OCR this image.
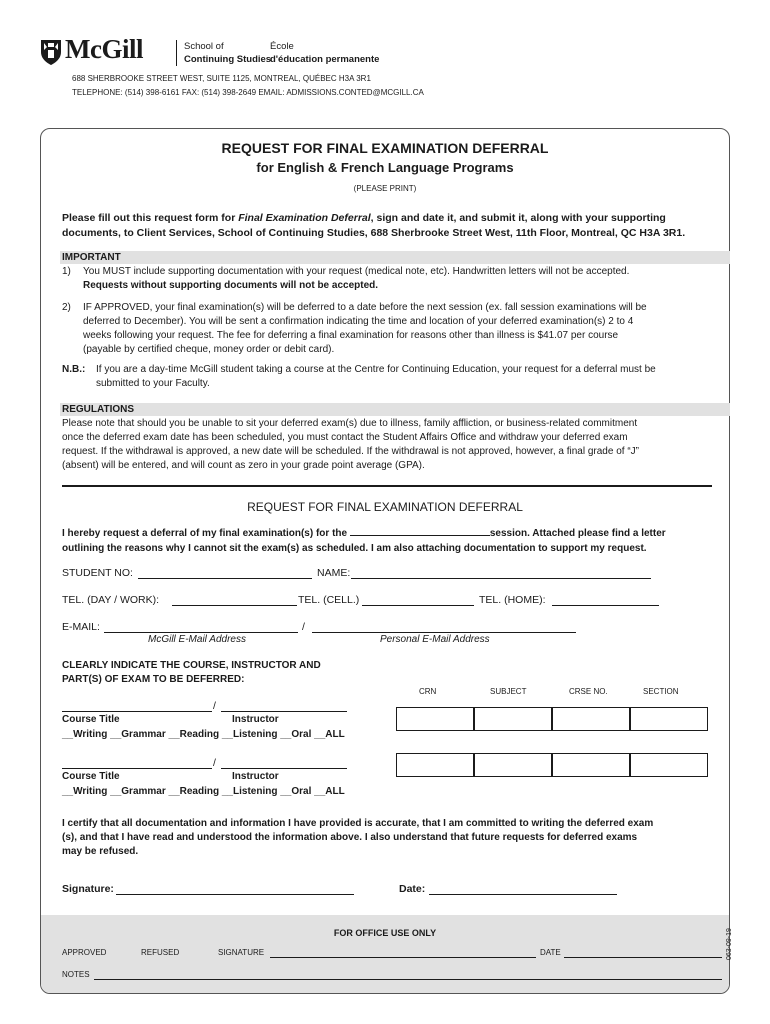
McGill	School of
Continuing Studies
École
d'éducation permanente
688 SHERBROOKE STREET WEST, SUITE 1125, MONTREAL, QUÉBEC H3A 3R1
TELEPHONE: (514) 398-6161 FAX: (514) 398-2649 EMAIL: ADMISSIONS.CONTED@MCGILL.CA
REQUEST FOR FINAL EXAMINATION DEFERRAL
for English & French Language Programs
(PLEASE PRINT)
Please fill out this request form for Final Examination Deferral, sign and date it, and submit it, along with your supporting
documents, to Client Services, School of Continuing Studies, 688 Sherbrooke Street West, 11th Floor, Montreal, QC H3A 3R1.
IMPORTANT
1) You MUST include supporting documentation with your request (medical note, etc). Handwritten letters will not be accepted.
Requests without supporting documents will not be accepted.
2) IF APPROVED, your final examination(s) will be deferred to a date before the next session (ex. fall session examinations will be
deferred to December). You will be sent a confirmation indicating the time and location of your deferred examination(s) 2 to 4
weeks following your request. The fee for deferring a final examination for reasons other than illness is $41.07 per course
(payable by certified cheque, money order or debit card).
N.B.: If you are a day-time McGill student taking a course at the Centre for Continuing Education, your request for a deferral must be
submitted to your Faculty.
REGULATIONS
Please note that should you be unable to sit your deferred exam(s) due to illness, family affliction, or business-related commitment
once the deferred exam date has been scheduled, you must contact the Student Affairs Office and withdraw your deferred exam
request. If the withdrawal is approved, a new date will be scheduled. If the withdrawal is not approved, however, a final grade of “J”
(absent) will be entered, and will count as zero in your grade point average (GPA).
REQUEST FOR FINAL EXAMINATION DEFERRAL
I hereby request a deferral of my final examination(s) for the	session. Attached please find a letter
outlining the reasons why I cannot sit the exam(s) as scheduled. I am also attaching documentation to support my request.
STUDENT NO:	NAME:
TEL. (DAY / WORK):	TEL. (CELL.)	TEL. (HOME):
E-MAIL:	/
McGill E-Mail Address	Personal E-Mail Address
CLEARLY INDICATE THE COURSE, INSTRUCTOR AND
PART(S) OF EXAM TO BE DEFERRED:
CRN	SUBJECT	CRSE NO.	SECTION
/
Course Title	Instructor
__Writing __Grammar __Reading __Listening __Oral __ALL
/
Course Title	Instructor
__Writing __Grammar __Reading __Listening __Oral __ALL
I certify that all documentation and information I have provided is accurate, that I am committed to writing the deferred exam
(s), and that I have read and understood the information above. I also understand that future requests for deferred exams
may be refused.
Signature:	Date:
FOR OFFICE USE ONLY
APPROVED	REFUSED	SIGNATURE	DATE
NOTES
063-09-19
